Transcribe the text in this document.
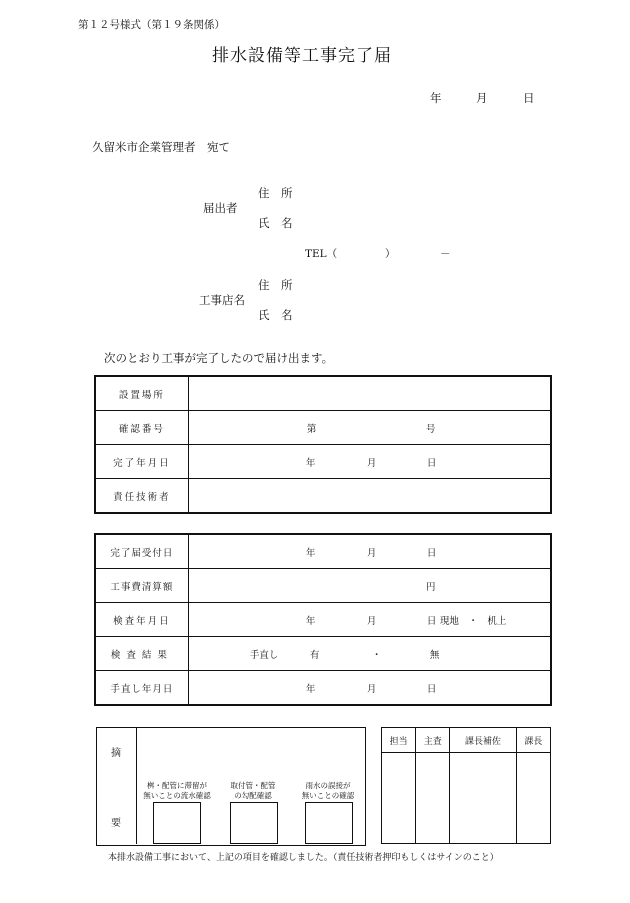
第１２号様式（第１９条関係）
排水設備等工事完了届
年	月	日
久留米市企業管理者　宛て
届出者
住　所
氏　名
TEL（	）	－
工事店名
住　所
氏　名
次のとおり工事が完了したので届け出ます。
設置場所	
確認番号	第 号

完了年月日	年 月 日

責任技術者	
完了届受付日	年 月 日

工事費清算額	円

検査年月日	年 月 日 現地　・　机上

検査結果	手直し 有 ・ 無

手直し年月日	年 月 日
摘
要
桝・配管に滞留が
無いことの流水確認
取付管・配管
の勾配確認
雨水の誤接が
無いことの確認
担当	主査	課長補佐	課長

本排水設備工事において、上記の項目を確認しました。（責任技術者押印もしくはサインのこと）
